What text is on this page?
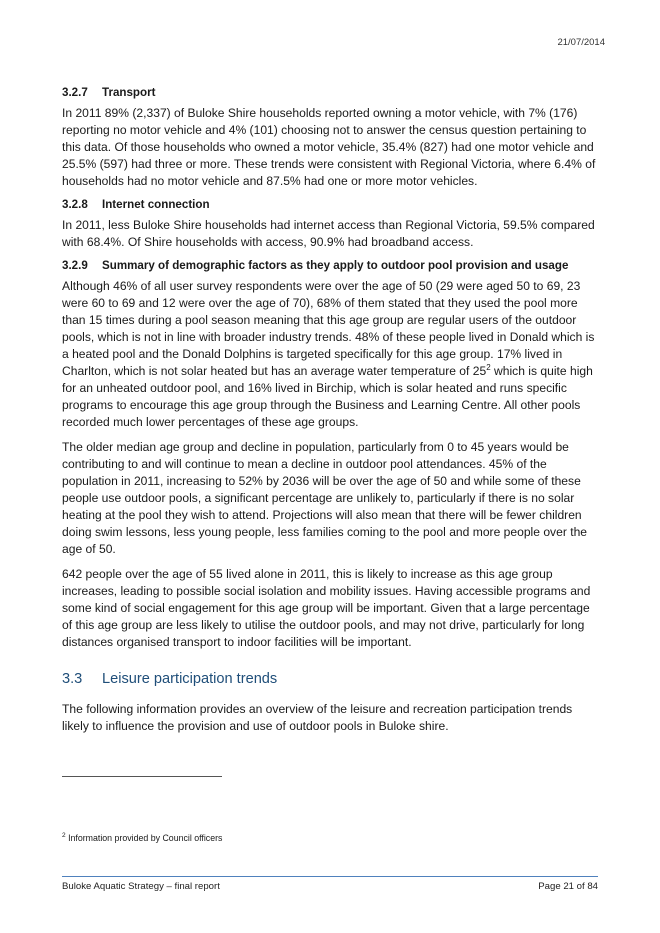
21/07/2014
3.2.7 Transport

In 2011 89% (2,337) of Buloke Shire households reported owning a motor vehicle, with 7% (176) reporting no motor vehicle and 4% (101) choosing not to answer the census question pertaining to this data. Of those households who owned a motor vehicle, 35.4% (827) had one motor vehicle and 25.5% (597) had three or more. These trends were consistent with Regional Victoria, where 6.4% of households had no motor vehicle and 87.5% had one or more motor vehicles.

3.2.8 Internet connection

In 2011, less Buloke Shire households had internet access than Regional Victoria, 59.5% compared with 68.4%. Of Shire households with access, 90.9% had broadband access.

3.2.9 Summary of demographic factors as they apply to outdoor pool provision and usage

Although 46% of all user survey respondents were over the age of 50 (29 were aged 50 to 69, 23 were 60 to 69 and 12 were over the age of 70), 68% of them stated that they used the pool more than 15 times during a pool season meaning that this age group are regular users of the outdoor pools, which is not in line with broader industry trends. 48% of these people lived in Donald which is a heated pool and the Donald Dolphins is targeted specifically for this age group. 17% lived in Charlton, which is not solar heated but has an average water temperature of $25^2$ which is quite high for an unheated outdoor pool, and 16% lived in Birchip, which is solar heated and runs specific programs to encourage this age group through the Business and Learning Centre. All other pools recorded much lower percentages of these age groups.

The older median age group and decline in population, particularly from 0 to 45 years would be contributing to and will continue to mean a decline in outdoor pool attendances. 45% of the population in 2011, increasing to 52% by 2036 will be over the age of 50 and while some of these people use outdoor pools, a significant percentage are unlikely to, particularly if there is no solar heating at the pool they wish to attend. Projections will also mean that there will be fewer children doing swim lessons, less young people, less families coming to the pool and more people over the age of 50.

642 people over the age of 55 lived alone in 2011, this is likely to increase as this age group increases, leading to possible social isolation and mobility issues. Having accessible programs and some kind of social engagement for this age group will be important. Given that a large percentage of this age group are less likely to utilise the outdoor pools, and may not drive, particularly for long distances organised transport to indoor facilities will be important.

3.3 Leisure participation trends

The following information provides an overview of the leisure and recreation participation trends likely to influence the provision and use of outdoor pools in Buloke shire.

$^2$ Information provided by Council officers
Buloke Aquatic Strategy – final report	Page 21 of 84
